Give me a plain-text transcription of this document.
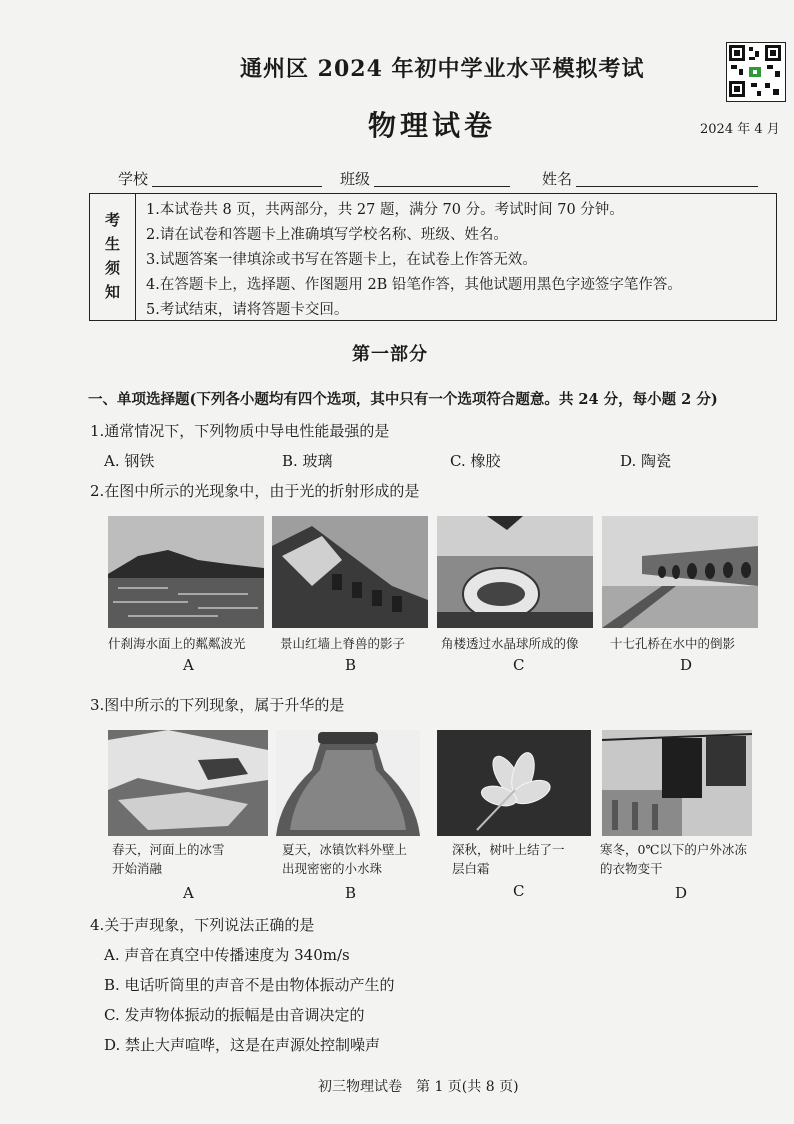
通州区 2024 年初中学业水平模拟考试
物理试卷	2024 年 4 月
学校	班级	姓名
考
生
须
知
1.本试卷共 8 页，共两部分，共 27 题，满分 70 分。考试时间 70 分钟。
2.请在试卷和答题卡上准确填写学校名称、班级、姓名。
3.试题答案一律填涂或书写在答题卡上，在试卷上作答无效。
4.在答题卡上，选择题、作图题用 2B 铅笔作答，其他试题用黑色字迹签字笔作答。
5.考试结束，请将答题卡交回。
第一部分
一、单项选择题(下列各小题均有四个选项，其中只有一个选项符合题意。共 24 分，每小题 2 分)
1.通常情况下，下列物质中导电性能最强的是
A. 钢铁	B. 玻璃	C. 橡胶	D. 陶瓷
2.在图中所示的光现象中，由于光的折射形成的是
什刹海水面上的粼粼波光	景山红墙上脊兽的影子	角楼透过水晶球所成的像	十七孔桥在水中的倒影
A	B	C	D
3.图中所示的下列现象，属于升华的是
春天，河面上的冰雪
开始消融
夏天，冰镇饮料外壁上
出现密密的小水珠
深秋，树叶上结了一
层白霜
寒冬，0℃以下的户外冰冻
的衣物变干
A	B	C	D
4.关于声现象，下列说法正确的是
A. 声音在真空中传播速度为 340m/s
B. 电话听筒里的声音不是由物体振动产生的
C. 发声物体振动的振幅是由音调决定的
D. 禁止大声喧哗，这是在声源处控制噪声
初三物理试卷　第 1 页(共 8 页)
